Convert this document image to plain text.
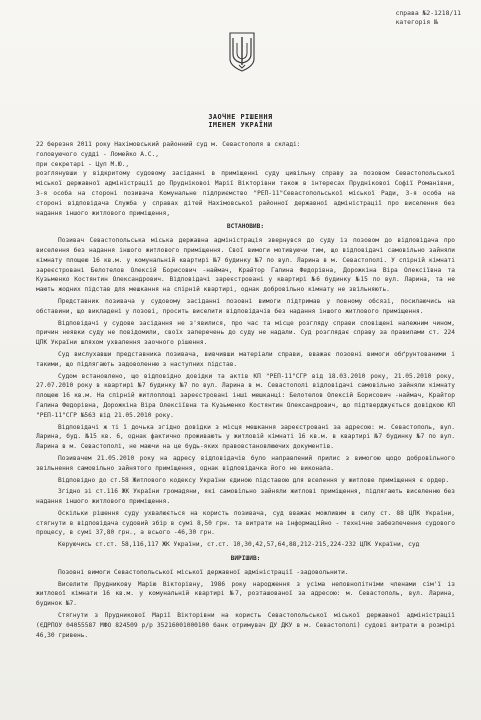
справа №2-1218/11
категорія №
ЗАОЧНЕ РІШЕННЯ
ІМЕНЕМ УКРАЇНИ

22 березня 2011 року Нахімовський районний суд м. Севастополя в складі:

головуючого судді - Ломейко А.С.,

при секретарі - Цуп М.Ю.,

розглянувши у відкритому судовому засіданні в приміщенні суду цивільну справу за позовом Севастопольської міської державної адміністрації до Прудніковоі Марії Вікторівни також в інтересах Прудніковоі Софії Романівни, 3-я особа на стороні позивача Комунальне підприємство "РЕП-11"Севастопольської міської Ради, 3-я особа на стороні відповідача Служба у справах дітей Нахімовської районної державної адміністрації про виселення без надання іншого житлового приміщення,

ВСТАНОВИВ:

Позивач Севастопольська міська державна адміністрація звернувся до суду із позовом до відповідача про виселення без надання іншого житлового приміщення. Свої вимоги мотивуючи тим, що відповідачі самовільно зайняли кімнату площею 16 кв.м. у комунальній квартирі №7 будинку №7 по вул. Ларина в м. Севастополі. У спірній кімнаті зареєстровані Белотелов Олексій Борисович -наймач, Крайтор Галина Федорівна, Дорожкіна Віра Олексіївна та Кузьменко Костянтин Олександрович. Відповідачі зареєстровані у квартирі №6 будинку №15 по вул. Ларина, та не мають жодних підстав для мешкання на спірній квартирі, однак добровільно кімнату не звільняють.

Представник позивача у судовому засіданні позовні вимоги підтримав у повному обсязі, посилаючись на обставини, що викладені у позові, просить виселити відповідачів без надання іншого житлового приміщення.

Відповідачі у судове засідання не з'явилися, про час та місце розгляду справи сповіщені належним чином, причин неявки суду не повідомили, своїх заперечень до суду не надали. Суд розглядає справу за правилами ст. 224 ЦПК України шляхом ухвалення заочного рішення.

Суд вислухавши представника позивача, вивчивши матеріали справи, вважає позовні вимоги обґрунтованими і такими, що підлягають задоволенню з наступних підстав.

Судом встановлено, що відповідно довідки та актів КП "РЕП-11"СГР від 18.03.2010 року, 21.05.2010 року, 27.07.2010 року в квартирі №7 будинку №7 по вул. Ларина в м. Севастополі відповідачі самовільно зайняли кімнату площею 16 кв.м. На спірній житлоплощі зареєстровані інші мешканці: Белотелов Олексій Борисович -наймач, Крайтор Галина Федорівна, Дорожкіна Віра Олексіївна та Кузьменко Костянтин Олександрович, що підтверджується довідкою КП "РЕП-11"СГР №563 від 21.05.2010 року.

Відповідачі ж ті ї дочька згідно довідки з місця мешкання зареєстровані за адресою: м. Севастополь, вул. Ларина, буд. №15 кв. 6, однак фактично проживають у житловій кімнаті 16 кв.м. в квартирі №7 будинку №7 по вул. Ларина в м. Севастополі, не маючи на це будь-яких правовстановлюючих документів.

Позивачем 21.05.2010 року на адресу відповідачів було направлений прилис з вимогою щодо добровільного звільнення самовільно зайнятого приміщення, однак відповідачка його не виконала.

Відповідно до ст.58 Житлового кодексу України єдиною підставою для вселення у житлове приміщення є ордер.

Згідно зі ст.116 ЖК України громадяни, які самовільно зайняли житлові приміщення, підлягають виселенню без надання іншого житлового приміщення.

Оскільки рішення суду ухвалюється на користь позивача, суд вважає можливим в силу ст. 88 ЦПК України, стягнути в відповідача судовий збір в сумі 8,50 грн. та витрати на інформаційно - технічне забезпечення судового процесу, в сумі 37,80 грн., а всього -46,30 грн.

Керуючись ст.ст. 58,116,117 ЖК України, ст.ст. 10,30,42,57,64,88,212-215,224-232 ЦПК України, суд

ВИРІШИВ:

Позовні вимоги Севастопольської міської державної адміністрації -задовольнити.

Виселити Прудникову Марію Вікторівну, 1986 року народження з усіма неповнолітніми членами сім'ї із житлової кімнати 16 кв.м. у комунальній квартирі №7, розташованої за адресою: м. Севастополь, вул. Ларина, будинок №7.

Стягнути з Прудникової Марії Вікторівни на користь Севастопольської міської державної адміністрації (ЄДРПОУ 04055587 МФО 824509 р/р 35216001000100 банк отримувач ДУ ДКУ в м. Севастополі) судові витрати в розмірі 46,30 гривень.
